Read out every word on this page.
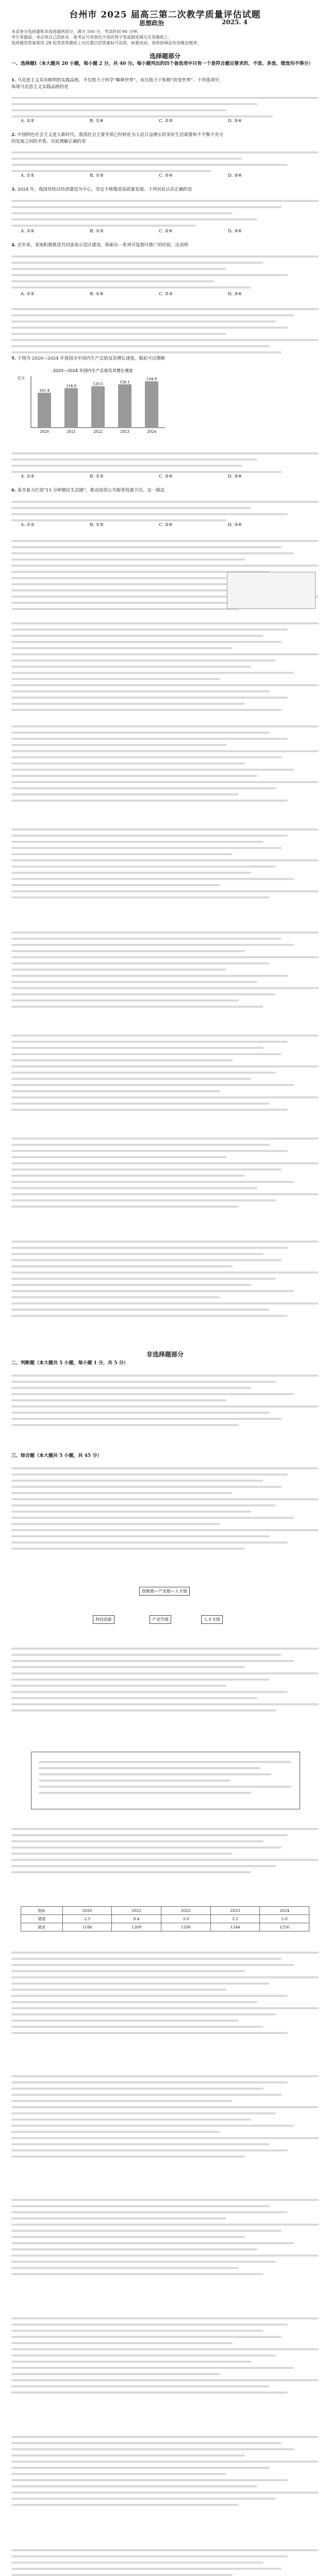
台州市 2025 届高三第二次教学质量评估试题
思想政治	2025. 4
本试卷分选择题和非选择题两部分，满分 100 分，考试时间 90 分钟。
考生答题前，务必将自己的姓名、准考证号用黑色字迹的签字笔或钢笔填写在答题纸上。
选择题的答案须用 2B 铅笔将答题纸上对应题目的答案标号涂黑，如要改动，须将原填涂处用橡皮擦净。
选择题部分
一、选择题Ⅰ（本大题共 20 小题，每小题 2 分，共 40 分。每小题列出的四个备选项中只有一个是符合题目要求的，不选、多选、错选均不得分）
1. 马克思主义具有鲜明的实践品格，不仅致力于科学“解释世界”，而且致力于积极“改变世界”。下列选项中，
体现马克思主义实践品格的是
A. ①②	B. ①④	C. ②③	D. ③④
2. 中国特色社会主义进入新时代，我国社会主要矛盾已经转化为人民日益增长的美好生活需要和不平衡不充分
的发展之间的矛盾。对此理解正确的是
A. ①②	B. ①③	C. ②④	D. ③④
3. 2024 年，我国坚持以经济建设为中心，坚定不移推进高质量发展。下列对此认识正确的是
A. ①②	B. ①③	C. ②④	D. ③④
4. 近年来，某地积极推进共同富裕示范区建设，探索出一系列可复制可推广的经验。这表明
A. ①②	B. ①④	C. ②③	D. ③④
5. 下图为 2020—2024 年我国全年国内生产总值及其增长速度。据此可以推断
2020—2024 年国内生产总值及其增长速度
亿元
101.4
2020
114.9
2021
120.5
2022
126.1
2023
134.9
2024
A. ①②	B. ①③	C. ②④	D. ③④
6. 某市着力打造“15 分钟便民生活圈”，推动优质公共服务资源下沉。这一做法
A. ①②	B. ①③	C. ②④	D. ③④
非选择题部分
二、判断题（本大题共 5 小题，每小题 1 分，共 5 分）
三、综合题（本大题共 5 小题，共 45 分）
创新链—产业链—人才链
科技创新	产业升级	人才支撑
指标	2020	2021	2022	2023	2024
增速	2.3	8.4	3.0	5.2	5.0
就业	1186	1269	1206	1244	1256
